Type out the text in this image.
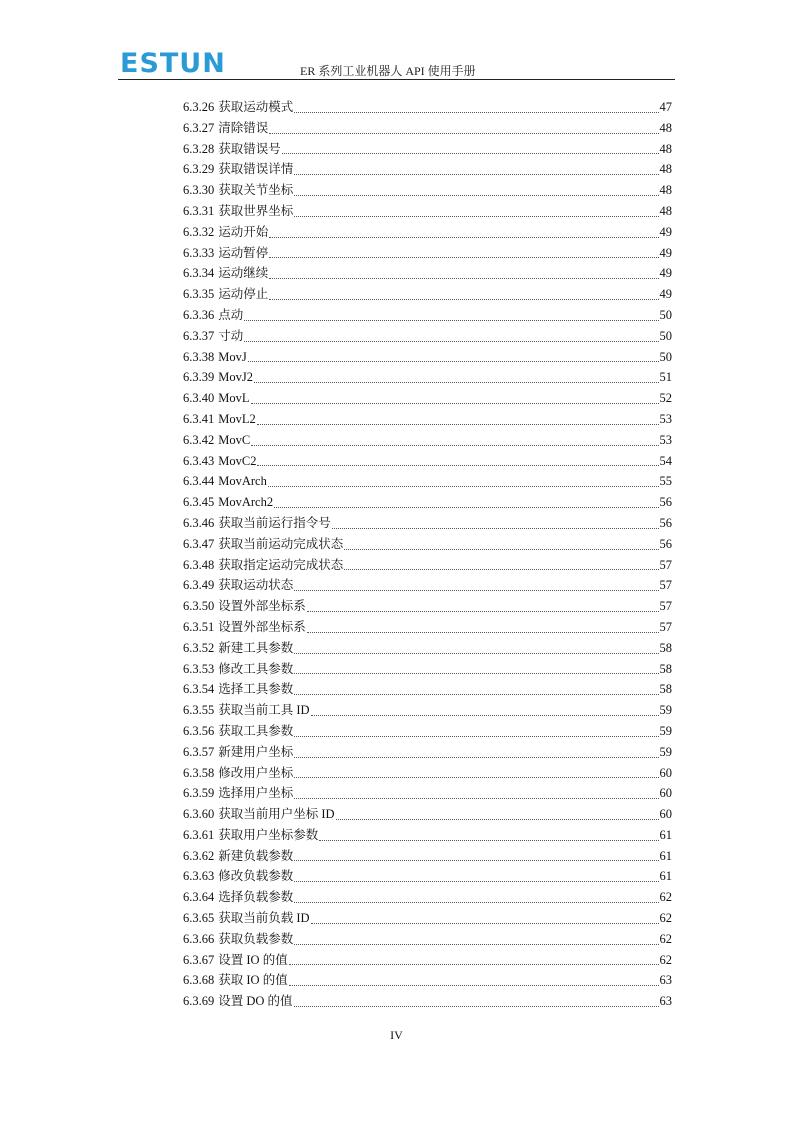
ESTUN	ER 系列工业机器人 API 使用手册
6.3.26 获取运动模式	47
6.3.27 清除错误	48
6.3.28 获取错误号	48
6.3.29 获取错误详情	48
6.3.30 获取关节坐标	48
6.3.31 获取世界坐标	48
6.3.32 运动开始	49
6.3.33 运动暂停	49
6.3.34 运动继续	49
6.3.35 运动停止	49
6.3.36 点动	50
6.3.37 寸动	50
6.3.38 MovJ	50
6.3.39 MovJ2	51
6.3.40 MovL	52
6.3.41 MovL2	53
6.3.42 MovC	53
6.3.43 MovC2	54
6.3.44 MovArch	55
6.3.45 MovArch2	56
6.3.46 获取当前运行指令号	56
6.3.47 获取当前运动完成状态	56
6.3.48 获取指定运动完成状态	57
6.3.49 获取运动状态	57
6.3.50 设置外部坐标系	57
6.3.51 设置外部坐标系	57
6.3.52 新建工具参数	58
6.3.53 修改工具参数	58
6.3.54 选择工具参数	58
6.3.55 获取当前工具 ID	59
6.3.56 获取工具参数	59
6.3.57 新建用户坐标	59
6.3.58 修改用户坐标	60
6.3.59 选择用户坐标	60
6.3.60 获取当前用户坐标 ID	60
6.3.61 获取用户坐标参数	61
6.3.62 新建负载参数	61
6.3.63 修改负载参数	61
6.3.64 选择负载参数	62
6.3.65 获取当前负载 ID	62
6.3.66 获取负载参数	62
6.3.67 设置 IO 的值	62
6.3.68 获取 IO 的值	63
6.3.69 设置 DO 的值	63
IV
